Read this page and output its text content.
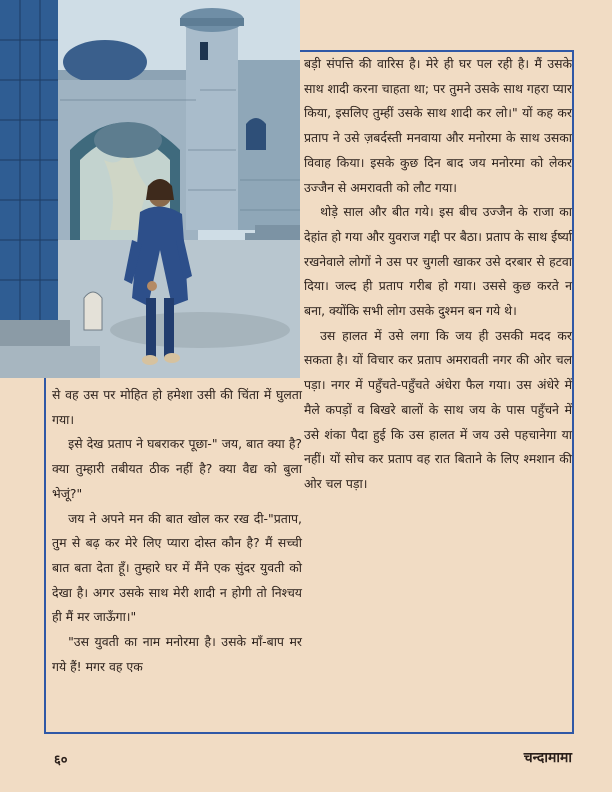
बड़ी संपत्ति की वारिस है। मेरे ही घर पल रही है। मैं उसके साथ शादी करना चाहता था; पर तुमने उसके साथ गहरा प्यार किया, इसलिए तुम्हीं उसके साथ शादी कर लो।" यों कह कर प्रताप ने उसे ज़बर्दस्ती मनवाया और मनोरमा के साथ उसका विवाह किया। इसके कुछ दिन बाद जय मनोरमा को लेकर उज्जैन से अमरावती को लौट गया।

थोड़े साल और बीत गये। इस बीच उज्जैन के राजा का देहांत हो गया और युवराज गद्दी पर बैठा। प्रताप के साथ ईर्ष्या रखनेवाले लोगों ने उस पर चुगली खाकर उसे दरबार से हटवा दिया। जल्द ही प्रताप गरीब हो गया। उससे कुछ करते न बना, क्योंकि सभी लोग उसके दुश्मन बन गये थे।

उस हालत में उसे लगा कि जय ही उसकी मदद कर सकता है। यों विचार कर प्रताप अमरावती नगर की ओर चल पड़ा। नगर में पहुँचते-पहुँचते अंधेरा फैल गया। उस अंधेरे में मैले कपड़ों व बिखरे बालों के साथ जय के पास पहुँचने में उसे शंका पैदा हुई कि उस हालत में जय उसे पहचानेगा या नहीं। यों सोच कर प्रताप वह रात बिताने के लिए श्मशान की ओर चल पड़ा।

से वह उस पर मोहित हो हमेशा उसी की चिंता में घुलता गया।

इसे देख प्रताप ने घबराकर पूछा-" जय, बात क्या है? क्या तुम्हारी तबीयत ठीक नहीं है? क्या वैद्य को बुला भेजूं?"

जय ने अपने मन की बात खोल कर रख दी-"प्रताप, तुम से बढ़ कर मेरे लिए प्यारा दोस्त कौन है? मैं सच्ची बात बता देता हूँ। तुम्हारे घर में मैंने एक सुंदर युवती को देखा है। अगर उसके साथ मेरी शादी न होगी तो निश्चय ही मैं मर जाऊँगा।"

"उस युवती का नाम मनोरमा है। उसके माँ-बाप मर गये हैं! मगर वह एक

६०	चन्दामामा
